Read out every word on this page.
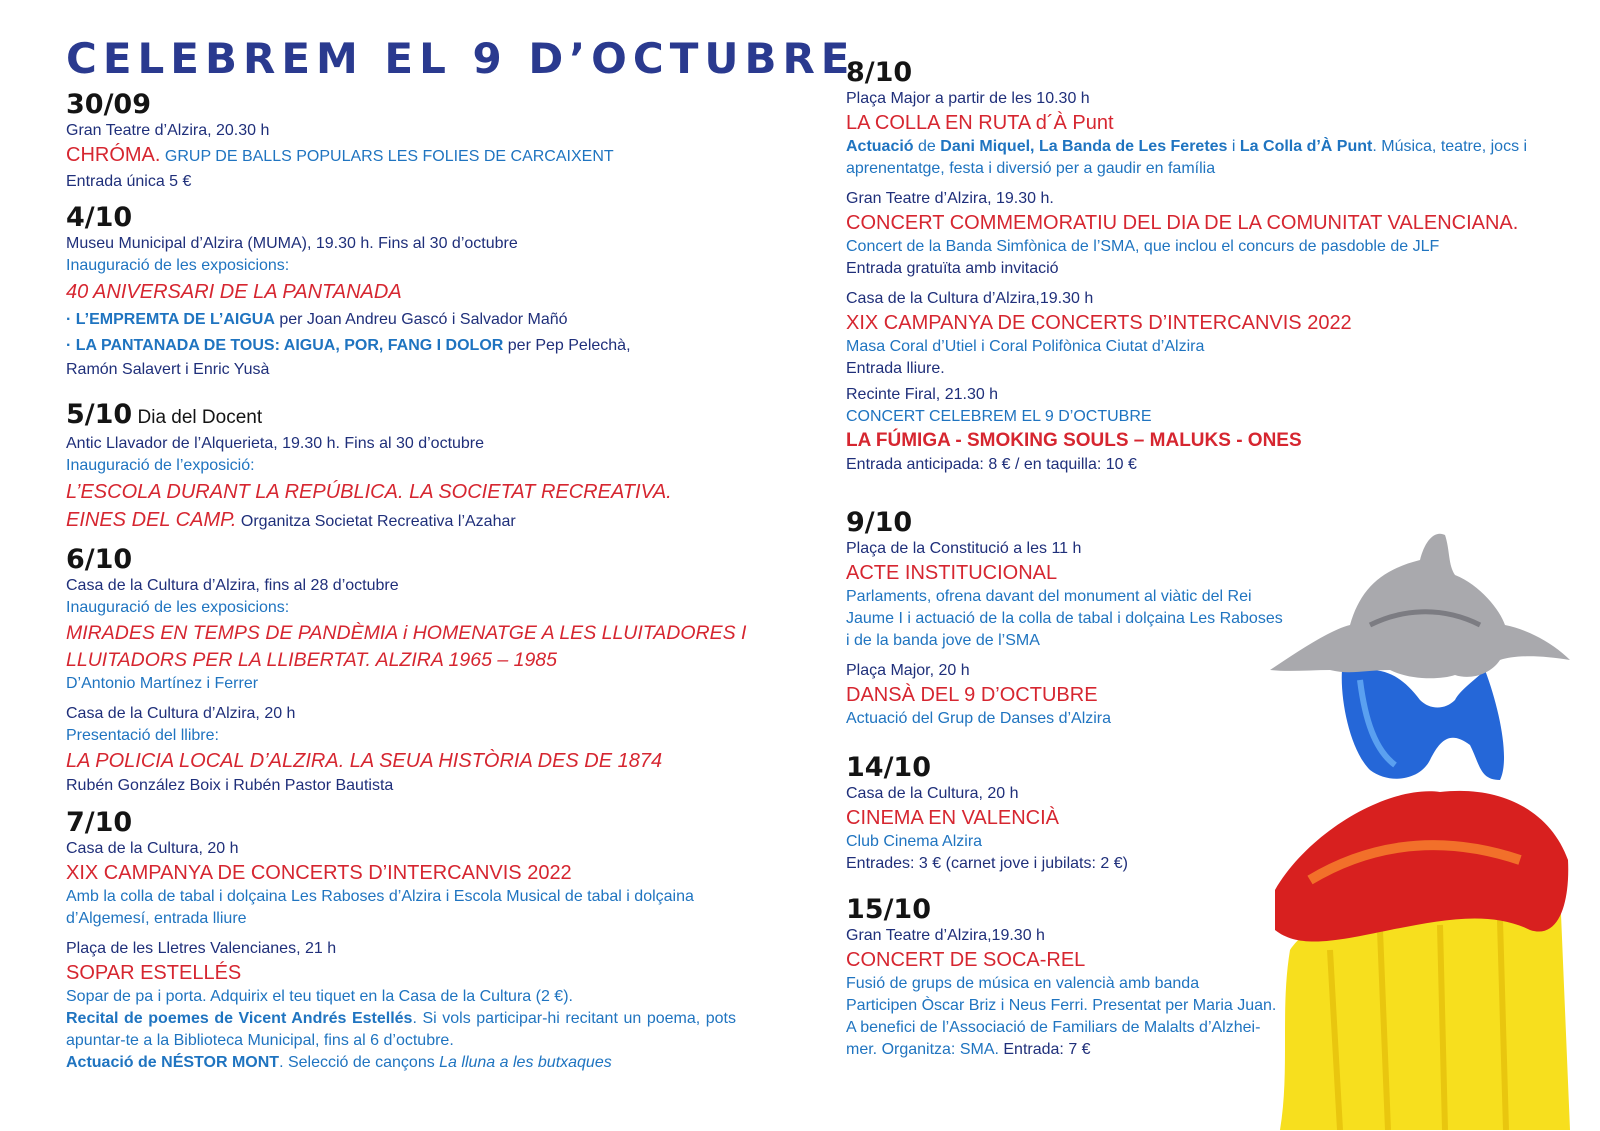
CELEBREM EL 9 D’OCTUBRE
30/09
Gran Teatre d’Alzira, 20.30 h
CHRÓMA. GRUP DE BALLS POPULARS LES FOLIES DE CARCAIXENT
Entrada única 5 €
4/10
Museu Municipal d’Alzira (MUMA), 19.30 h. Fins al 30 d’octubre
Inauguració de les exposicions:
40 ANIVERSARI DE LA PANTANADA
· L’EMPREMTA DE L’AIGUA per Joan Andreu Gascó i Salvador Mañó
· LA PANTANADA DE TOUS: AIGUA, POR, FANG I DOLOR per Pep Pelechà,
Ramón Salavert i Enric Yusà
5/10 Dia del Docent
Antic Llavador de l’Alquerieta, 19.30 h. Fins al 30 d’octubre
Inauguració de l’exposició:
L’ESCOLA DURANT LA REPÚBLICA. LA SOCIETAT RECREATIVA.
EINES DEL CAMP. Organitza Societat Recreativa l’Azahar
6/10
Casa de la Cultura d’Alzira, fins al 28 d’octubre
Inauguració de les exposicions:
MIRADES EN TEMPS DE PANDÈMIA i HOMENATGE A LES LLUITADORES I
LLUITADORS PER LA LLIBERTAT. ALZIRA 1965 – 1985
D’Antonio Martínez i Ferrer
Casa de la Cultura d’Alzira, 20 h
Presentació del llibre:
LA POLICIA LOCAL D’ALZIRA. LA SEUA HISTÒRIA DES DE 1874
Rubén González Boix i Rubén Pastor Bautista
7/10
Casa de la Cultura, 20 h
XIX CAMPANYA DE CONCERTS D’INTERCANVIS 2022
Amb la colla de tabal i dolçaina Les Raboses d’Alzira i Escola Musical de tabal i dolçaina d’Algemesí, entrada lliure
Plaça de les Lletres Valencianes, 21 h
SOPAR ESTELLÉS
Sopar de pa i porta. Adquirix el teu tiquet en la Casa de la Cultura (2 €).
Recital de poemes de Vicent Andrés Estellés. Si vols participar-hi recitant un poema, pots apuntar-te a la Biblioteca Municipal, fins al 6 d’octubre.
Actuació de NÉSTOR MONT. Selecció de cançons La lluna a les butxaques
8/10
Plaça Major a partir de les 10.30 h
LA COLLA EN RUTA d´À Punt
Actuació de Dani Miquel, La Banda de Les Feretes i La Colla d’À Punt. Música, teatre, jocs i aprenentatge, festa i diversió per a gaudir en família
Gran Teatre d’Alzira, 19.30 h.
CONCERT COMMEMORATIU DEL DIA DE LA COMUNITAT VALENCIANA.
Concert de la Banda Simfònica de l’SMA, que inclou el concurs de pasdoble de JLF
Entrada gratuïta amb invitació
Casa de la Cultura d’Alzira,19.30 h
XIX CAMPANYA DE CONCERTS D’INTERCANVIS 2022
Masa Coral d’Utiel i Coral Polifònica Ciutat d’Alzira
Entrada lliure.
Recinte Firal, 21.30 h
CONCERT CELEBREM EL 9 D’OCTUBRE
LA FÚMIGA - SMOKING SOULS – MALUKS - ONES
Entrada anticipada: 8 € / en taquilla: 10 €
9/10
Plaça de la Constitució a les 11 h
ACTE INSTITUCIONAL
Parlaments, ofrena davant del monument al viàtic del Rei
Jaume I i actuació de la colla de tabal i dolçaina Les Raboses
i de la banda jove de l’SMA
Plaça Major, 20 h
DANSÀ DEL 9 D’OCTUBRE
Actuació del Grup de Danses d’Alzira
14/10
Casa de la Cultura, 20 h
CINEMA EN VALENCIÀ
Club Cinema Alzira
Entrades: 3 € (carnet jove i jubilats: 2 €)
15/10
Gran Teatre d’Alzira,19.30 h
CONCERT DE SOCA-REL
Fusió de grups de música en valencià amb banda
Participen Òscar Briz i Neus Ferri. Presentat per Maria Juan.
A benefici de l’Associació de Familiars de Malalts d’Alzhei-
mer. Organitza: SMA. Entrada: 7 €
